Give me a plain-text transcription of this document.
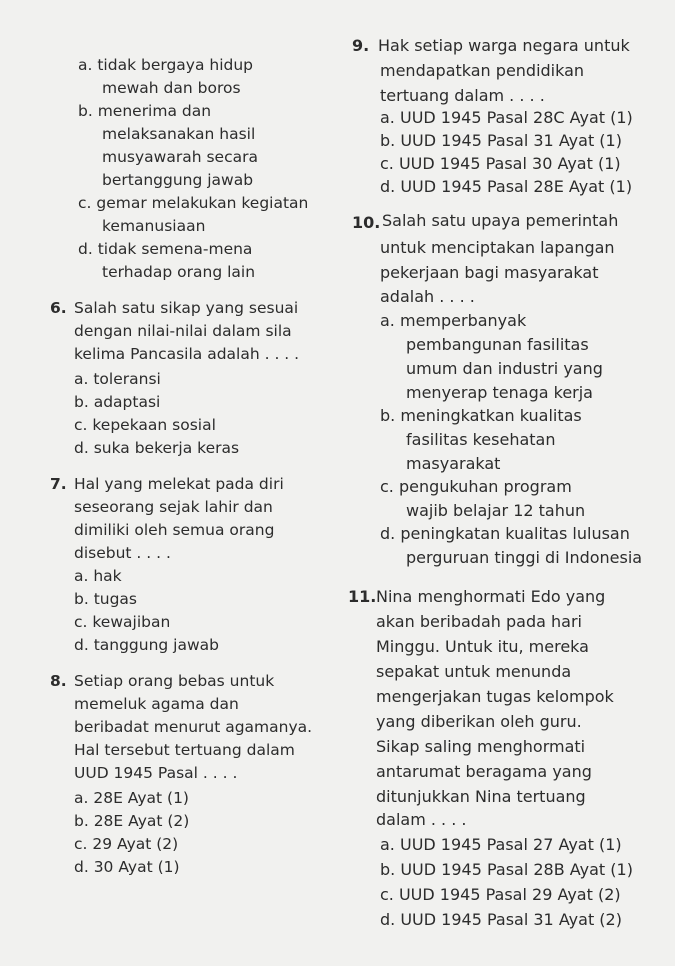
a. tidak bergaya hidup
mewah dan boros
b. menerima dan
melaksanakan hasil
musyawarah secara
bertanggung jawab
c. gemar melakukan kegiatan
kemanusiaan
d. tidak semena-mena
terhadap orang lain
6. Salah satu sikap yang sesuai
dengan nilai-nilai dalam sila
kelima Pancasila adalah . . . .
a. toleransi
b. adaptasi
c. kepekaan sosial
d. suka bekerja keras
7. Hal yang melekat pada diri
seseorang sejak lahir dan
dimiliki oleh semua orang
disebut . . . .
a. hak
b. tugas
c. kewajiban
d. tanggung jawab
8. Setiap orang bebas untuk
memeluk agama dan
beribadat menurut agamanya.
Hal tersebut tertuang dalam
UUD 1945 Pasal . . . .
a. 28E Ayat (1)
b. 28E Ayat (2)
c. 29 Ayat (2)
d. 30 Ayat (1)
9. Hak setiap warga negara untuk
mendapatkan pendidikan
tertuang dalam . . . .
a. UUD 1945 Pasal 28C Ayat (1)
b. UUD 1945 Pasal 31 Ayat (1)
c. UUD 1945 Pasal 30 Ayat (1)
d. UUD 1945 Pasal 28E Ayat (1)
10. Salah satu upaya pemerintah
untuk menciptakan lapangan
pekerjaan bagi masyarakat
adalah . . . .
a. memperbanyak
pembangunan fasilitas
umum dan industri yang
menyerap tenaga kerja
b. meningkatkan kualitas
fasilitas kesehatan
masyarakat
c. pengukuhan program
wajib belajar 12 tahun
d. peningkatan kualitas lulusan
perguruan tinggi di Indonesia
11. Nina menghormati Edo yang
akan beribadah pada hari
Minggu. Untuk itu, mereka
sepakat untuk menunda
mengerjakan tugas kelompok
yang diberikan oleh guru.
Sikap saling menghormati
antarumat beragama yang
ditunjukkan Nina tertuang
dalam . . . .
a. UUD 1945 Pasal 27 Ayat (1)
b. UUD 1945 Pasal 28B Ayat (1)
c. UUD 1945 Pasal 29 Ayat (2)
d. UUD 1945 Pasal 31 Ayat (2)
